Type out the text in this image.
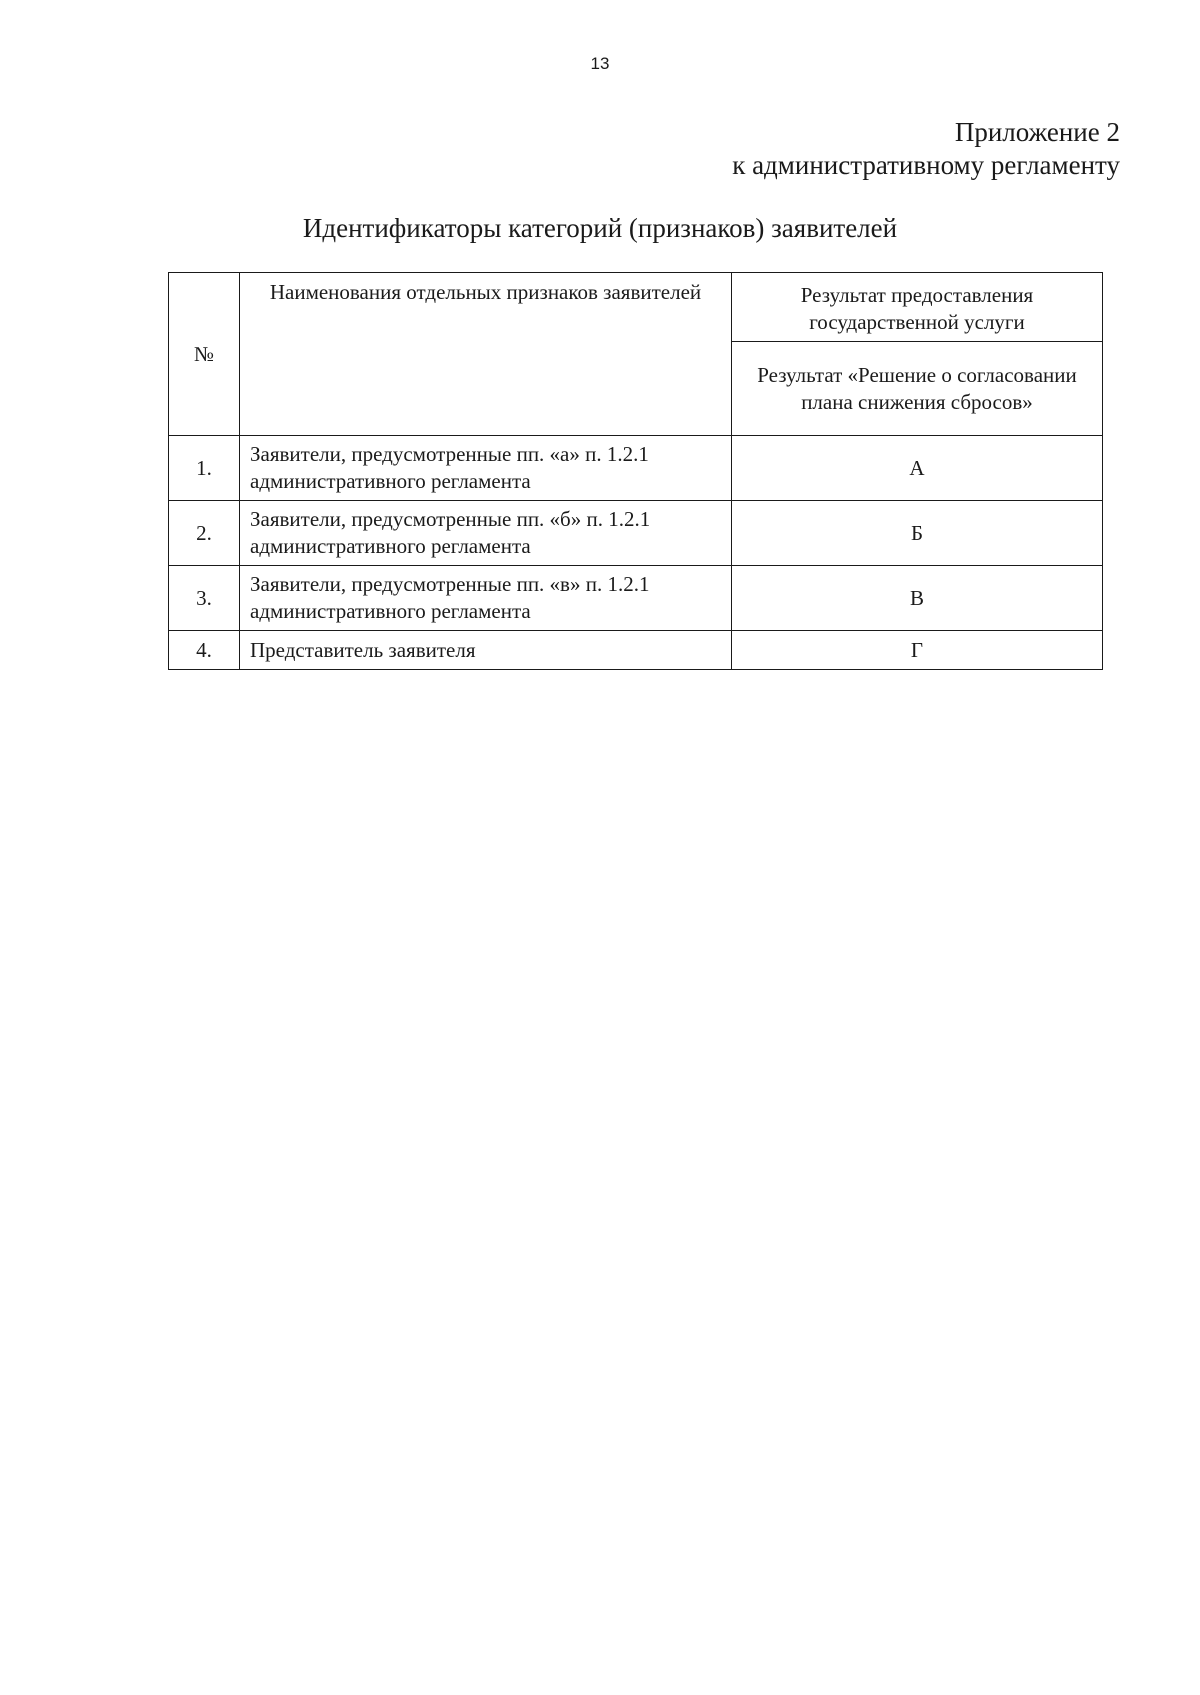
13
Приложение 2
к административному регламенту
Идентификаторы категорий (признаков) заявителей
№	Наименования отдельных признаков заявителей	Результат предоставления государственной услуги
		Результат «Решение о согласовании плана снижения сбросов»
1.	Заявители, предусмотренные пп. «а» п. 1.2.1 административного регламента	А
2.	Заявители, предусмотренные пп. «б» п. 1.2.1 административного регламента	Б
3.	Заявители, предусмотренные пп. «в» п. 1.2.1 административного регламента	В
4.	Представитель заявителя	Г
